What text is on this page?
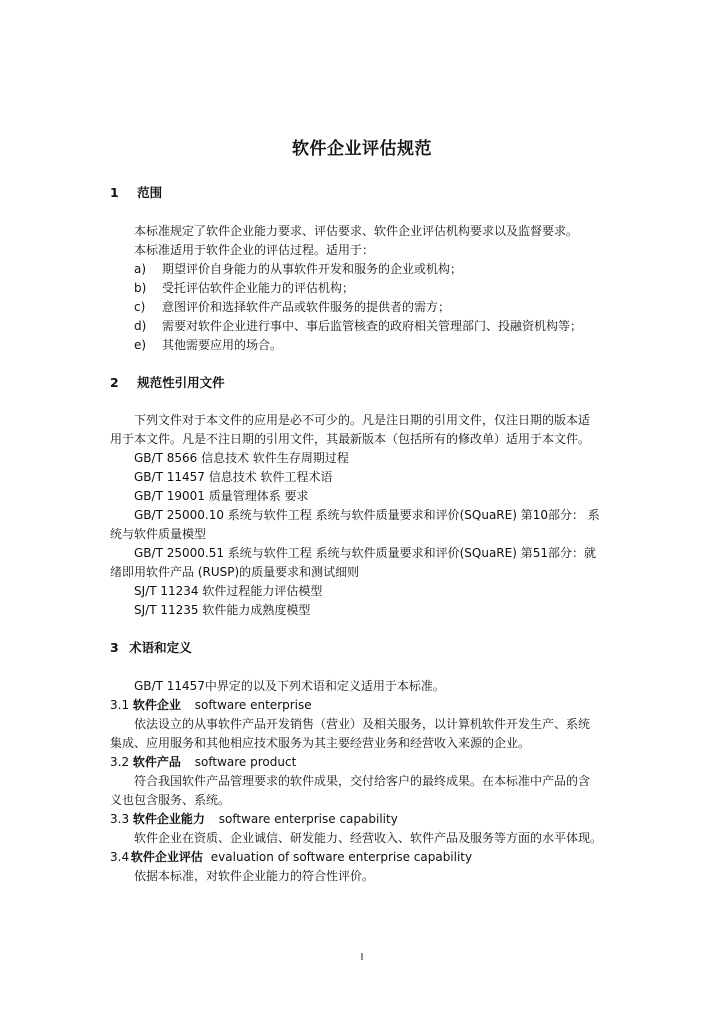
软件企业评估规范
1 范围

本标准规定了软件企业能力要求、评估要求、软件企业评估机构要求以及监督要求。

本标准适用于软件企业的评估过程。适用于：

a) 期望评价自身能力的从事软件开发和服务的企业或机构；
b) 受托评估软件企业能力的评估机构；
c) 意图评价和选择软件产品或软件服务的提供者的需方；
d) 需要对软件企业进行事中、事后监管核查的政府相关管理部门、投融资机构等；
e) 其他需要应用的场合。
2 规范性引用文件

下列文件对于本文件的应用是必不可少的。凡是注日期的引用文件，仅注日期的版本适

用于本文件。凡是不注日期的引用文件，其最新版本（包括所有的修改单）适用于本文件。

GB/T 8566 信息技术 软件生存周期过程

GB/T 11457 信息技术 软件工程术语

GB/T 19001 质量管理体系 要求

GB/T 25000.10 系统与软件工程 系统与软件质量要求和评价(SQuaRE) 第10部分： 系

统与软件质量模型

GB/T 25000.51 系统与软件工程 系统与软件质量要求和评价(SQuaRE) 第51部分：就

绪即用软件产品 (RUSP)的质量要求和测试细则

SJ/T 11234 软件过程能力评估模型

SJ/T 11235 软件能力成熟度模型

3 术语和定义

GB/T 11457中界定的以及下列术语和定义适用于本标准。

3.1 软件企业 software enterprise

依法设立的从事软件产品开发销售（营业）及相关服务，以计算机软件开发生产、系统

集成、应用服务和其他相应技术服务为其主要经营业务和经营收入来源的企业。

3.2 软件产品 software product

符合我国软件产品管理要求的软件成果，交付给客户的最终成果。在本标准中产品的含

义也包含服务、系统。

3.3 软件企业能力 software enterprise capability

软件企业在资质、企业诚信、研发能力、经营收入、软件产品及服务等方面的水平体现。

3.4 软件企业评估 evaluation of software enterprise capability

依据本标准，对软件企业能力的符合性评价。

I
